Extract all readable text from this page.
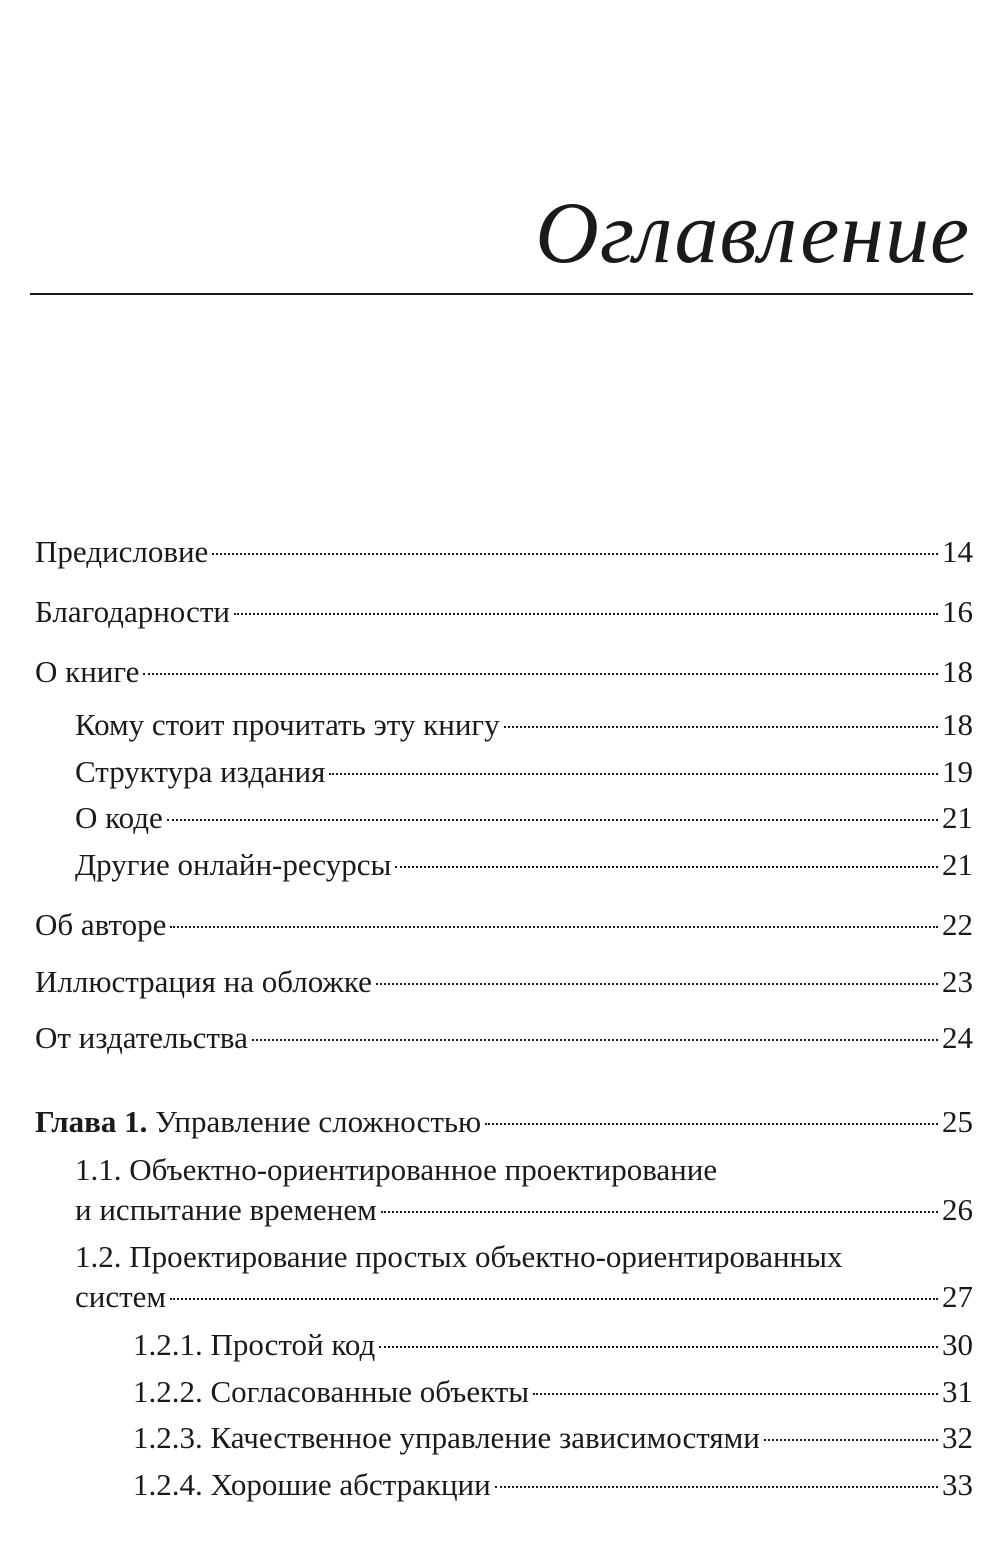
Оглавление
Предисловие	14
Благодарности	16
О книге	18
Кому стоит прочитать эту книгу	18
Структура издания	19
О коде	21
Другие онлайн-ресурсы	21
Об авторе	22
Иллюстрация на обложке	23
От издательства	24
Глава 1. Управление сложностью	25
1.1. Объектно-ориентированное проектирование
и испытание временем	26
1.2. Проектирование простых объектно-ориентированных
систем	27
1.2.1. Простой код	30
1.2.2. Согласованные объекты	31
1.2.3. Качественное управление зависимостями	32
1.2.4. Хорошие абстракции	33
